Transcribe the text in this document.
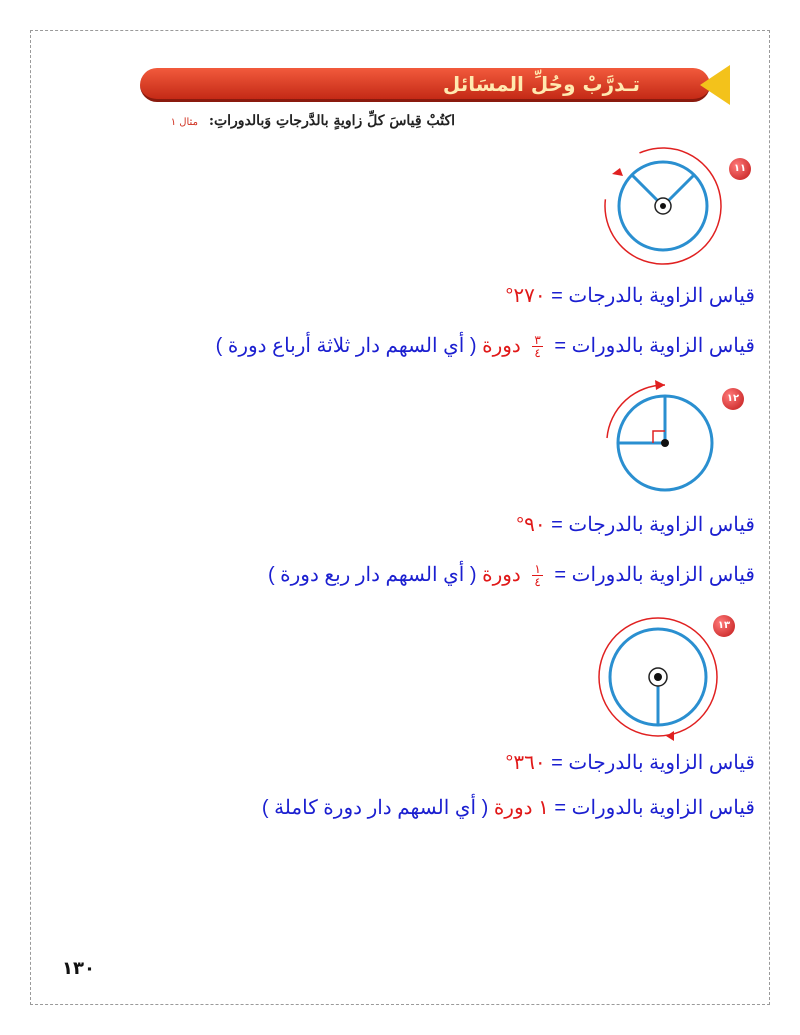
تـدرَّبْ وحُلِّ المسَائل
اكتُبْ قِياسَ كلِّ زاويةٍ بالدَّرجاتِ وَبالدوراتِ: مثال ١
١١
قياس الزاوية بالدرجات = ٢٧٠°
قياس الزاوية بالدورات =
$\frac{٣}{٤}$
دورة ( أي السهم دار ثلاثة أرباع دورة )
١٢
قياس الزاوية بالدرجات = ٩٠°
قياس الزاوية بالدورات =
$\frac{١}{٤}$
دورة ( أي السهم دار ربع دورة )
١٣
قياس الزاوية بالدرجات = ٣٦٠°
قياس الزاوية بالدورات = ١ دورة ( أي السهم دار دورة كاملة )
١٣٠
